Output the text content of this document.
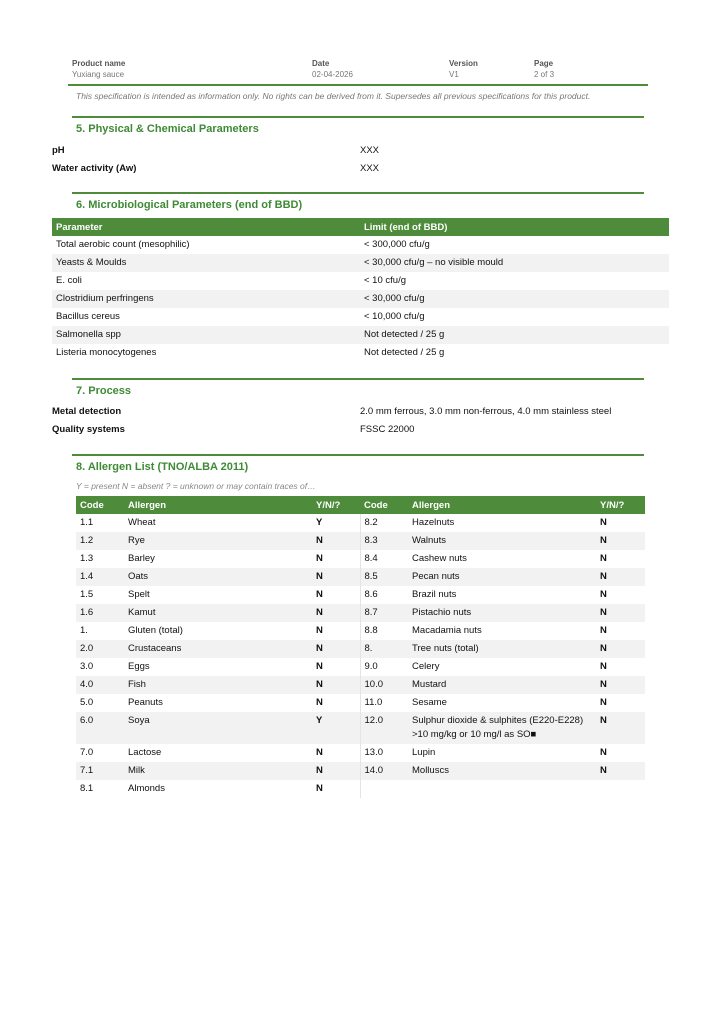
Product name
Yuxiang sauce
Date
02-04-2026
Version
V1
Page
2 of 3
This specification is intended as information only. No rights can be derived from it. Supersedes all previous specifications for this product.
5. Physical & Chemical Parameters
pH	XXX
Water activity (Aw)	XXX
6. Microbiological Parameters (end of BBD)
Parameter	Limit (end of BBD)
Total aerobic count (mesophilic)	< 300,000 cfu/g
Yeasts & Moulds	< 30,000 cfu/g – no visible mould
E. coli	< 10 cfu/g
Clostridium perfringens	< 30,000 cfu/g
Bacillus cereus	< 10,000 cfu/g
Salmonella spp	Not detected / 25 g
Listeria monocytogenes	Not detected / 25 g
7. Process
Metal detection	2.0 mm ferrous, 3.0 mm non-ferrous, 4.0 mm stainless steel
Quality systems	FSSC 22000
8. Allergen List (TNO/ALBA 2011)
Y = present N = absent ? = unknown or may contain traces of…
Code	Allergen	Y/N/?	Code	Allergen	Y/N/?
1.1	Wheat	Y	8.2	Hazelnuts	N
1.2	Rye	N	8.3	Walnuts	N
1.3	Barley	N	8.4	Cashew nuts	N
1.4	Oats	N	8.5	Pecan nuts	N
1.5	Spelt	N	8.6	Brazil nuts	N
1.6	Kamut	N	8.7	Pistachio nuts	N
1.	Gluten (total)	N	8.8	Macadamia nuts	N
2.0	Crustaceans	N	8.	Tree nuts (total)	N
3.0	Eggs	N	9.0	Celery	N
4.0	Fish	N	10.0	Mustard	N
5.0	Peanuts	N	11.0	Sesame	N
6.0	Soya	Y	12.0	Sulphur dioxide & sulphites (E220-E228) >10 mg/kg or 10 mg/l as SO■	N
7.0	Lactose	N	13.0	Lupin	N
7.1	Milk	N	14.0	Molluscs	N
8.1	Almonds	N			
